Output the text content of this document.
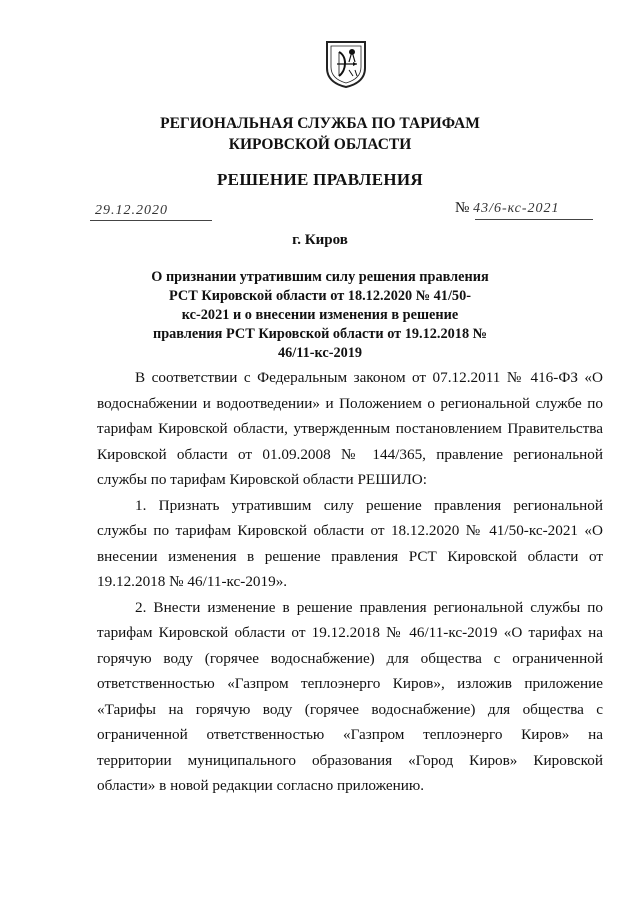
РЕГИОНАЛЬНАЯ СЛУЖБА ПО ТАРИФАМ
КИРОВСКОЙ ОБЛАСТИ
РЕШЕНИЕ ПРАВЛЕНИЯ
29.12.2020	№ 43/6-кс-2021
г. Киров
О признании утратившим силу решения правления РСТ Кировской области от 18.12.2020 № 41/50-кс-2021 и о внесении изменения в решение правления РСТ Кировской области от 19.12.2018 № 46/11-кс-2019

В соответствии с Федеральным законом от 07.12.2011 № 416-ФЗ «О водоснабжении и водоотведении» и Положением о региональной службе по тарифам Кировской области, утвержденным постановлением Правительства Кировской области от 01.09.2008 № 144/365, правление региональной службы по тарифам Кировской области РЕШИЛО:

1. Признать утратившим силу решение правления региональной службы по тарифам Кировской области от 18.12.2020 № 41/50-кс-2021 «О внесении изменения в решение правления РСТ Кировской области от 19.12.2018 № 46/11-кс-2019».

2. Внести изменение в решение правления региональной службы по тарифам Кировской области от 19.12.2018 № 46/11-кс-2019 «О тарифах на горячую воду (горячее водоснабжение) для общества с ограниченной ответственностью «Газпром теплоэнерго Киров», изложив приложение «Тарифы на горячую воду (горячее водоснабжение) для общества с ограниченной ответственностью «Газпром теплоэнерго Киров» на территории муниципального образования «Город Киров» Кировской области» в новой редакции согласно приложению.
